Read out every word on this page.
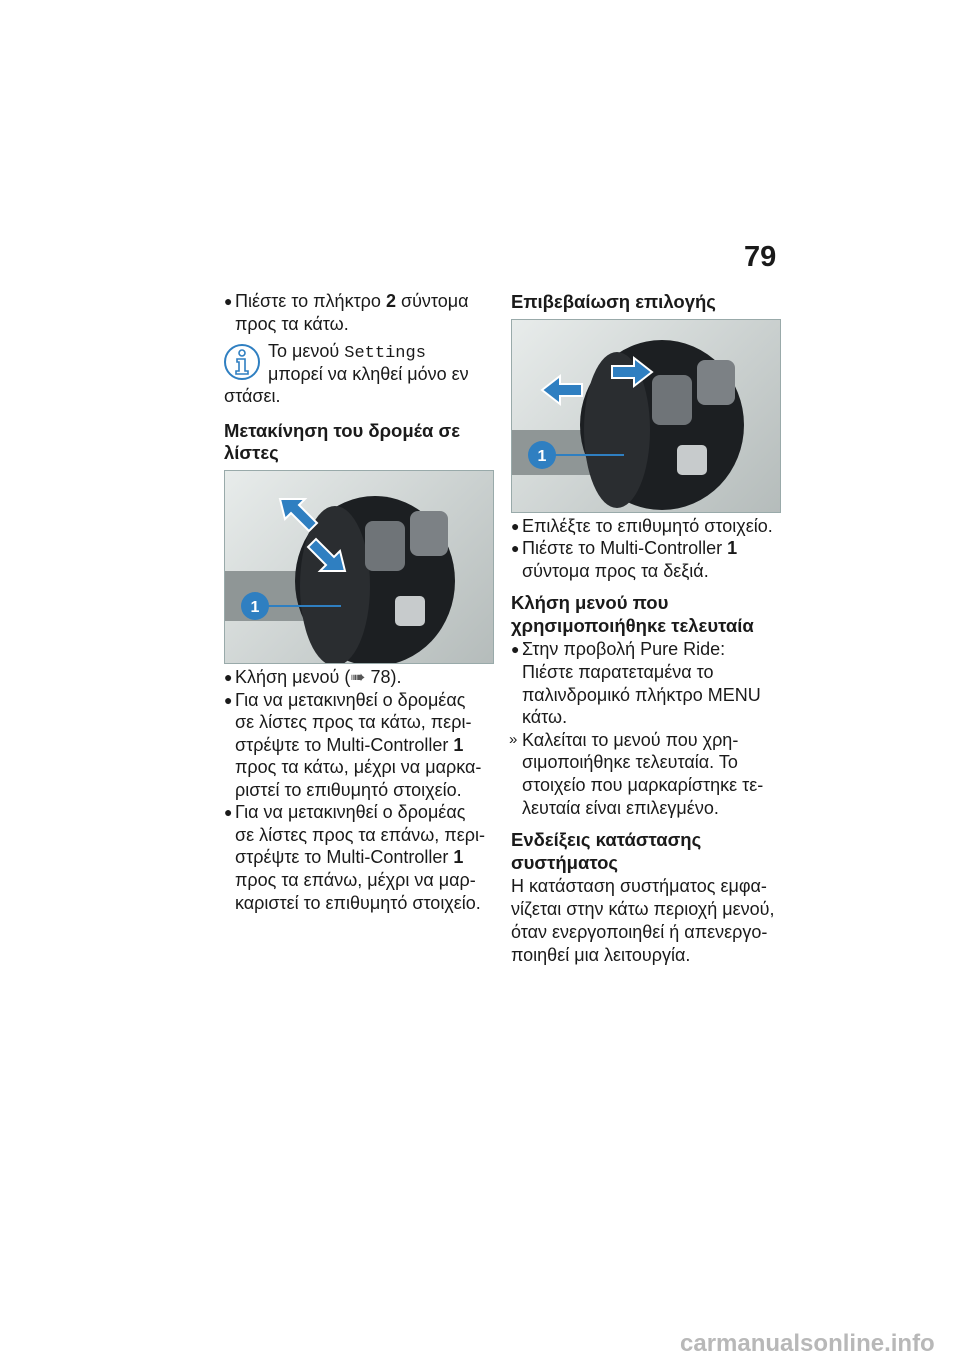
79
● Πιέστε το πλήκτρο 2 σύντομα
προς τα κάτω.
Το μενού Settings
μπορεί να κληθεί μόνο εν
στάσει.
Μετακίνηση του δρομέα σε
λίστες
1
● Κλήση μενού (➠ 78).
● Για να μετακινηθεί ο δρομέας
σε λίστες προς τα κάτω, περι-
στρέψτε το Multi-Controller 1
προς τα κάτω, μέχρι να μαρκα-
ριστεί το επιθυμητό στοιχείο.
● Για να μετακινηθεί ο δρομέας
σε λίστες προς τα επάνω, περι-
στρέψτε το Multi-Controller 1
προς τα επάνω, μέχρι να μαρ-
καριστεί το επιθυμητό στοιχείο.
Επιβεβαίωση επιλογής
1
● Επιλέξτε το επιθυμητό στοιχείο.
● Πιέστε το Multi-Controller 1
σύντομα προς τα δεξιά.
Κλήση μενού που
χρησιμοποιήθηκε τελευταία
● Στην προβολή Pure Ride:
Πιέστε παρατεταμένα το
παλινδρομικό πλήκτρο MENU
κάτω.
» Καλείται το μενού που χρη-
σιμοποιήθηκε τελευταία. Το
στοιχείο που μαρκαρίστηκε τε-
λευταία είναι επιλεγμένο.
Ενδείξεις κατάστασης
συστήματος
Η κατάσταση συστήματος εμφα-
νίζεται στην κάτω περιοχή μενού,
όταν ενεργοποιηθεί ή απενεργο-
ποιηθεί μια λειτουργία.
carmanualsonline.info
